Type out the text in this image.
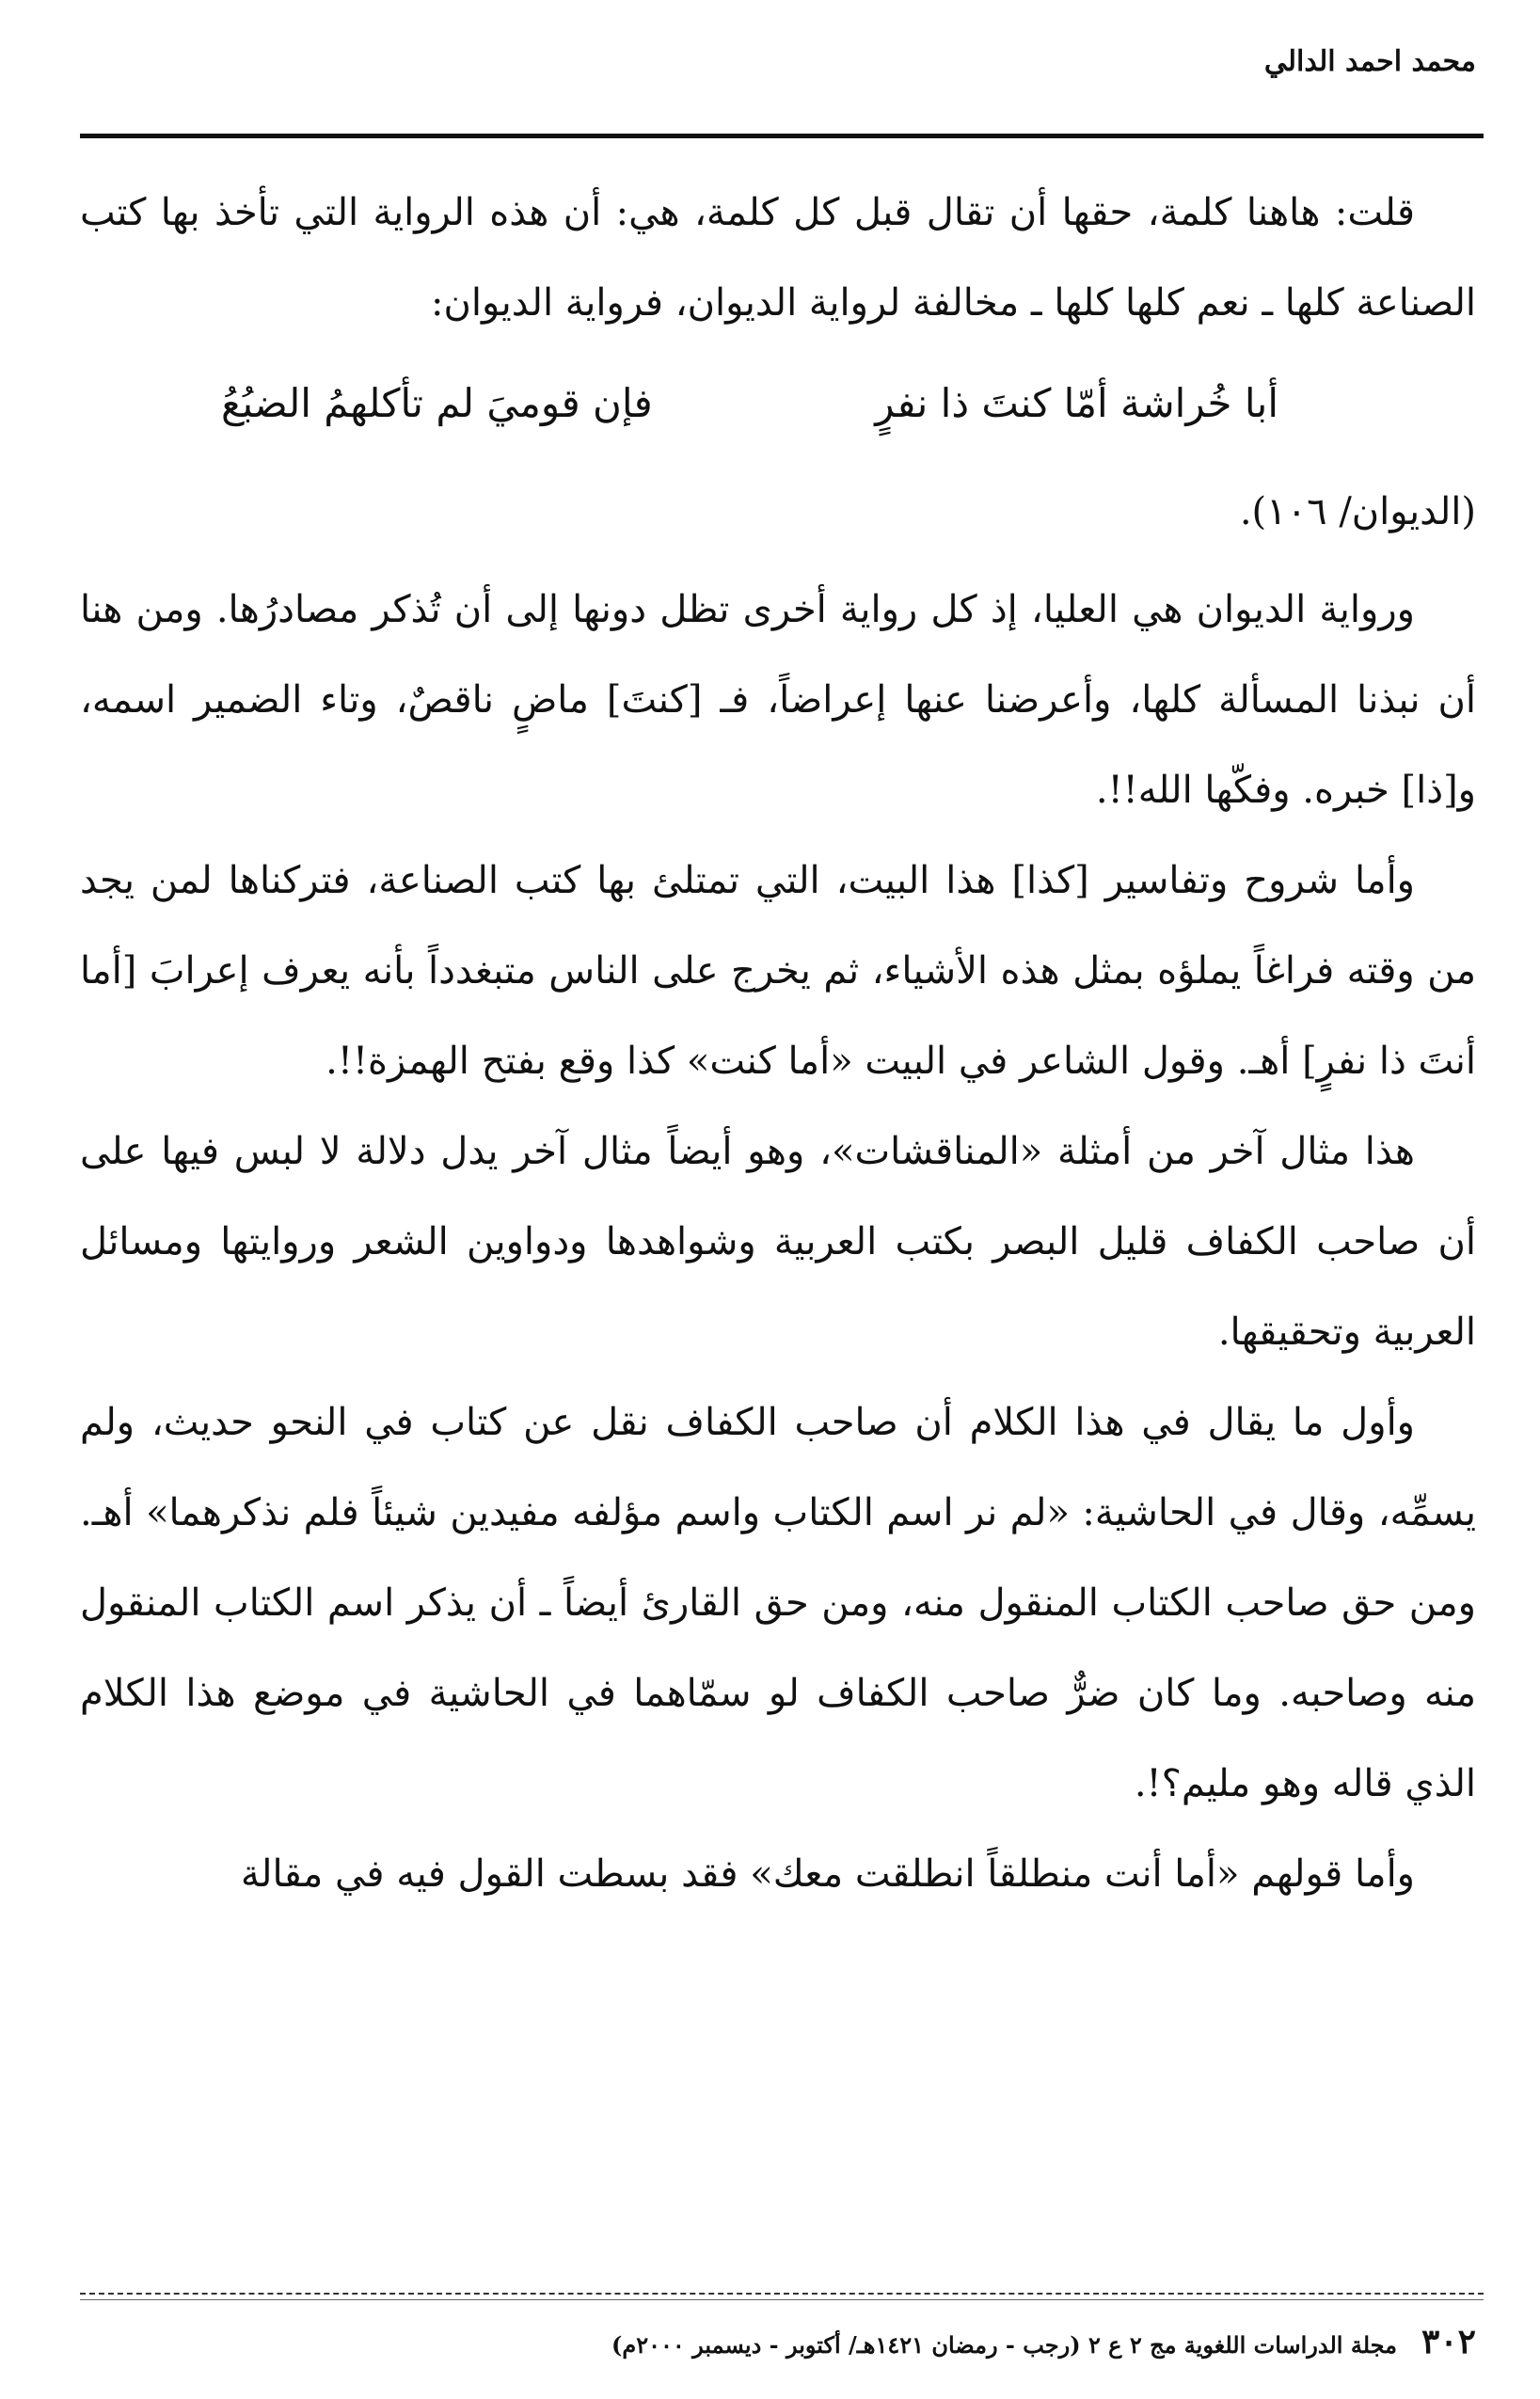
محمد احمد الدالي

قلت: هاهنا كلمة، حقها أن تقال قبل كل كلمة، هي: أن هذه الرواية التي تأخذ بها كتب الصناعة كلها ـ نعم كلها كلها ـ مخالفة لرواية الديوان، فرواية الديوان:

أبا خُراشة أمّا كنتَ ذا نفرٍ
فإن قوميَ لم تأكلهمُ الضبُعُ

(الديوان/ ١٠٦).

ورواية الديوان هي العليا، إذ كل رواية أخرى تظل دونها إلى أن تُذكر مصادرُها. ومن هنا أن نبذنا المسألة كلها، وأعرضنا عنها إعراضاً، فـ [كنتَ] ماضٍ ناقصٌ، وتاء الضمير اسمه، و[ذا] خبره. وفكّها الله!!.

وأما شروح وتفاسير [كذا] هذا البيت، التي تمتلئ بها كتب الصناعة، فتركناها لمن يجد من وقته فراغاً يملؤه بمثل هذه الأشياء، ثم يخرج على الناس متبغدداً بأنه يعرف إعرابَ [أما أنتَ ذا نفرٍ] أهـ. وقول الشاعر في البيت «أما كنت» كذا وقع بفتح الهمزة!!.

هذا مثال آخر من أمثلة «المناقشات»، وهو أيضاً مثال آخر يدل دلالة لا لبس فيها على أن صاحب الكفاف قليل البصر بكتب العربية وشواهدها ودواوين الشعر وروايتها ومسائل العربية وتحقيقها.

وأول ما يقال في هذا الكلام أن صاحب الكفاف نقل عن كتاب في النحو حديث، ولم يسمِّه، وقال في الحاشية: «لم نر اسم الكتاب واسم مؤلفه مفيدين شيئاً فلم نذكرهما» أهـ. ومن حق صاحب الكتاب المنقول منه، ومن حق القارئ أيضاً ـ أن يذكر اسم الكتاب المنقول منه وصاحبه. وما كان ضرٌّ صاحب الكفاف لو سمّاهما في الحاشية في موضع هذا الكلام الذي قاله وهو مليم؟!.

وأما قولهم «أما أنت منطلقاً انطلقت معك» فقد بسطت القول فيه في مقالة

٣٠٢
مجلة الدراسات اللغوية مج ٢ ع ٢ (رجب - رمضان ١٤٢١هـ/ أكتوبر - ديسمبر ٢٠٠٠م)
